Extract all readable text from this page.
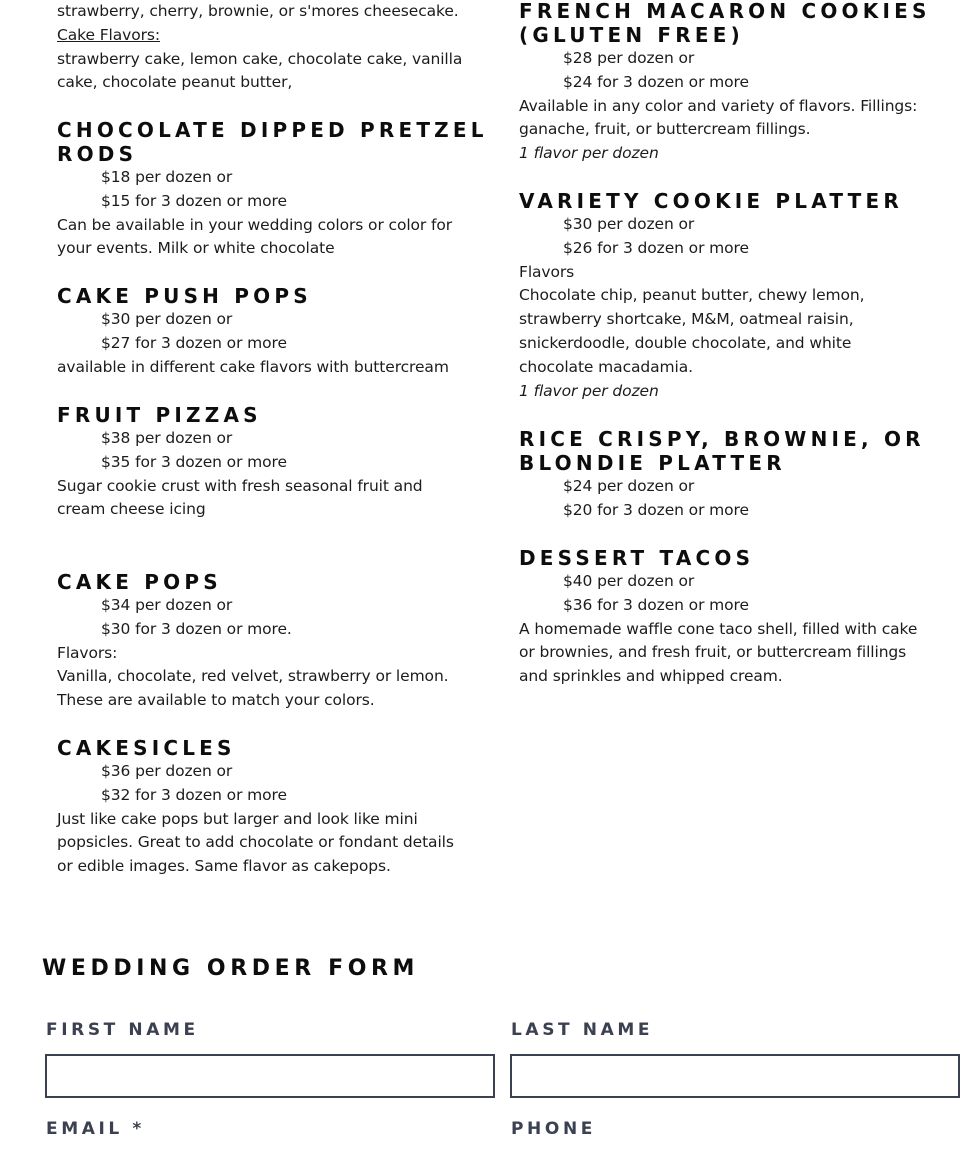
strawberry, cherry, brownie, or s'mores cheesecake.

Cake Flavors:

strawberry cake, lemon cake, chocolate cake, vanilla

cake, chocolate peanut butter,

CHOCOLATE DIPPED PRETZEL

RODS

$18 per dozen or

$15 for 3 dozen or more

Can be available in your wedding colors or color for

your events. Milk or white chocolate

CAKE PUSH POPS

$30 per dozen or

$27 for 3 dozen or more

available in different cake flavors with buttercream

FRUIT PIZZAS

$38 per dozen or

$35 for 3 dozen or more

Sugar cookie crust with fresh seasonal fruit and

cream cheese icing

CAKE POPS

$34 per dozen or

$30 for 3 dozen or more.

Flavors:

Vanilla, chocolate, red velvet, strawberry or lemon.

These are available to match your colors.

CAKESICLES

$36 per dozen or

$32 for 3 dozen or more

Just like cake pops but larger and look like mini

popsicles. Great to add chocolate or fondant details

or edible images. Same flavor as cakepops.

FRENCH MACARON COOKIES

(GLUTEN FREE)

$28 per dozen or

$24 for 3 dozen or more

Available in any color and variety of flavors. Fillings:

ganache, fruit, or buttercream fillings.

1 flavor per dozen

VARIETY COOKIE PLATTER

$30 per dozen or

$26 for 3 dozen or more

Flavors

Chocolate chip, peanut butter, chewy lemon,

strawberry shortcake, M&M, oatmeal raisin,

snickerdoodle, double chocolate, and white

chocolate macadamia.

1 flavor per dozen

RICE CRISPY, BROWNIE, OR

BLONDIE PLATTER

$24 per dozen or

$20 for 3 dozen or more

DESSERT TACOS

$40 per dozen or

$36 for 3 dozen or more

A homemade waffle cone taco shell, filled with cake

or brownies, and fresh fruit, or buttercream fillings

and sprinkles and whipped cream.

WEDDING ORDER FORM
FIRST NAME	LAST NAME
EMAIL *	PHONE
